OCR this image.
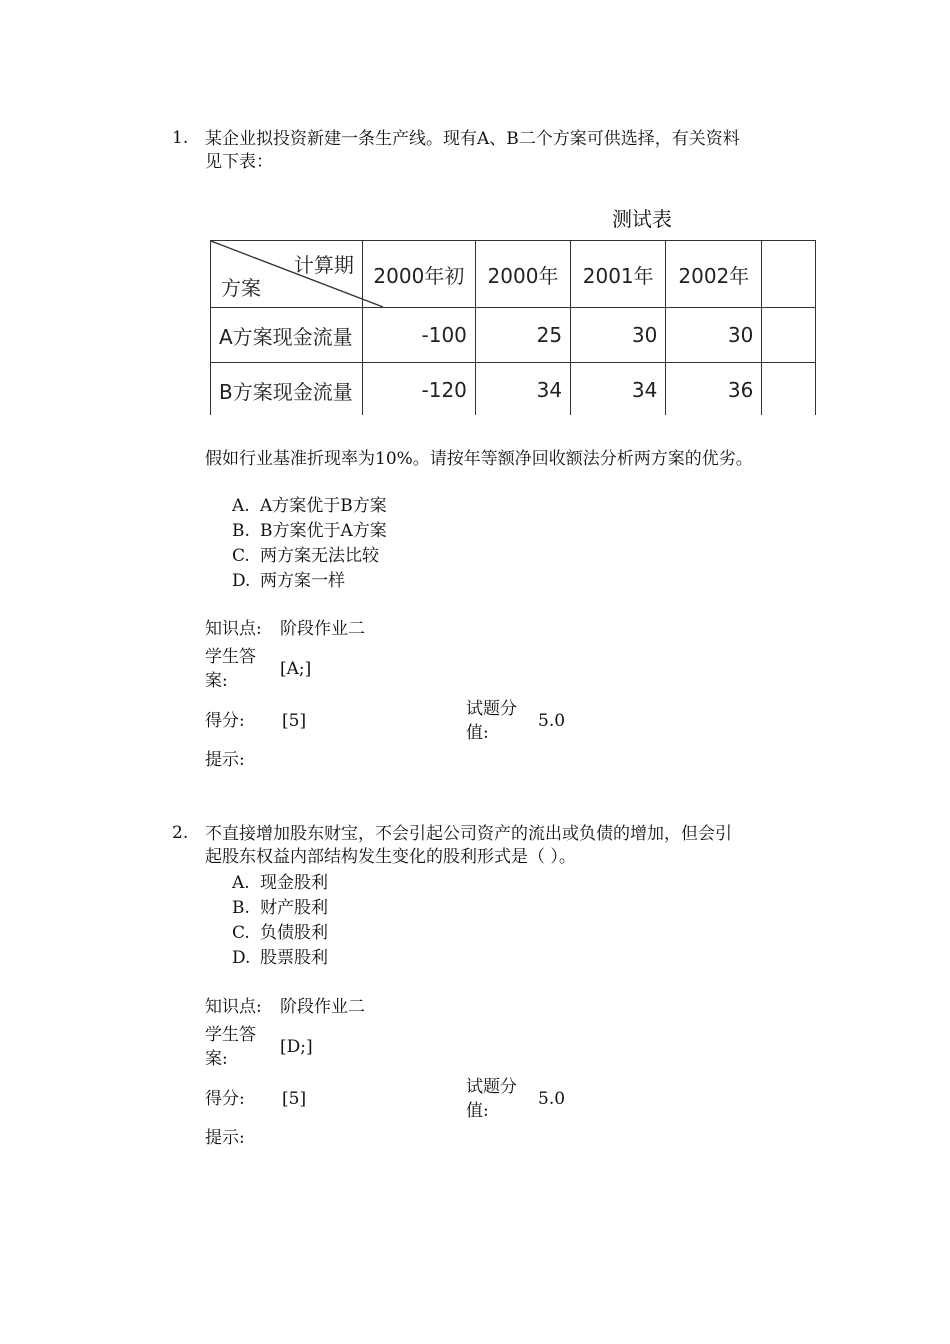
1. 某企业拟投资新建一条生产线。现有A、B二个方案可供选择，有关资料
见下表：
测试表
计算期
方案	2000年初	2000年	2001年	2002年	
A方案现金流量	-100	25	30	30	
B方案现金流量	-120	34	34	36	
假如行业基准折现率为10%。请按年等额净回收额法分析两方案的优劣。
A. A方案优于B方案
B. B方案优于A方案
C. 两方案无法比较
D. 两方案一样
知识点: 阶段作业二
学生答
案:
[A;]
得分: [5]
试题分
值:
5.0
提示:
2. 不直接增加股东财宝，不会引起公司资产的流出或负债的增加，但会引
起股东权益内部结构发生变化的股利形式是（ ）。
A. 现金股利
B. 财产股利
C. 负债股利
D. 股票股利
知识点: 阶段作业二
学生答
案:
[D;]
得分: [5]
试题分
值:
5.0
提示:
